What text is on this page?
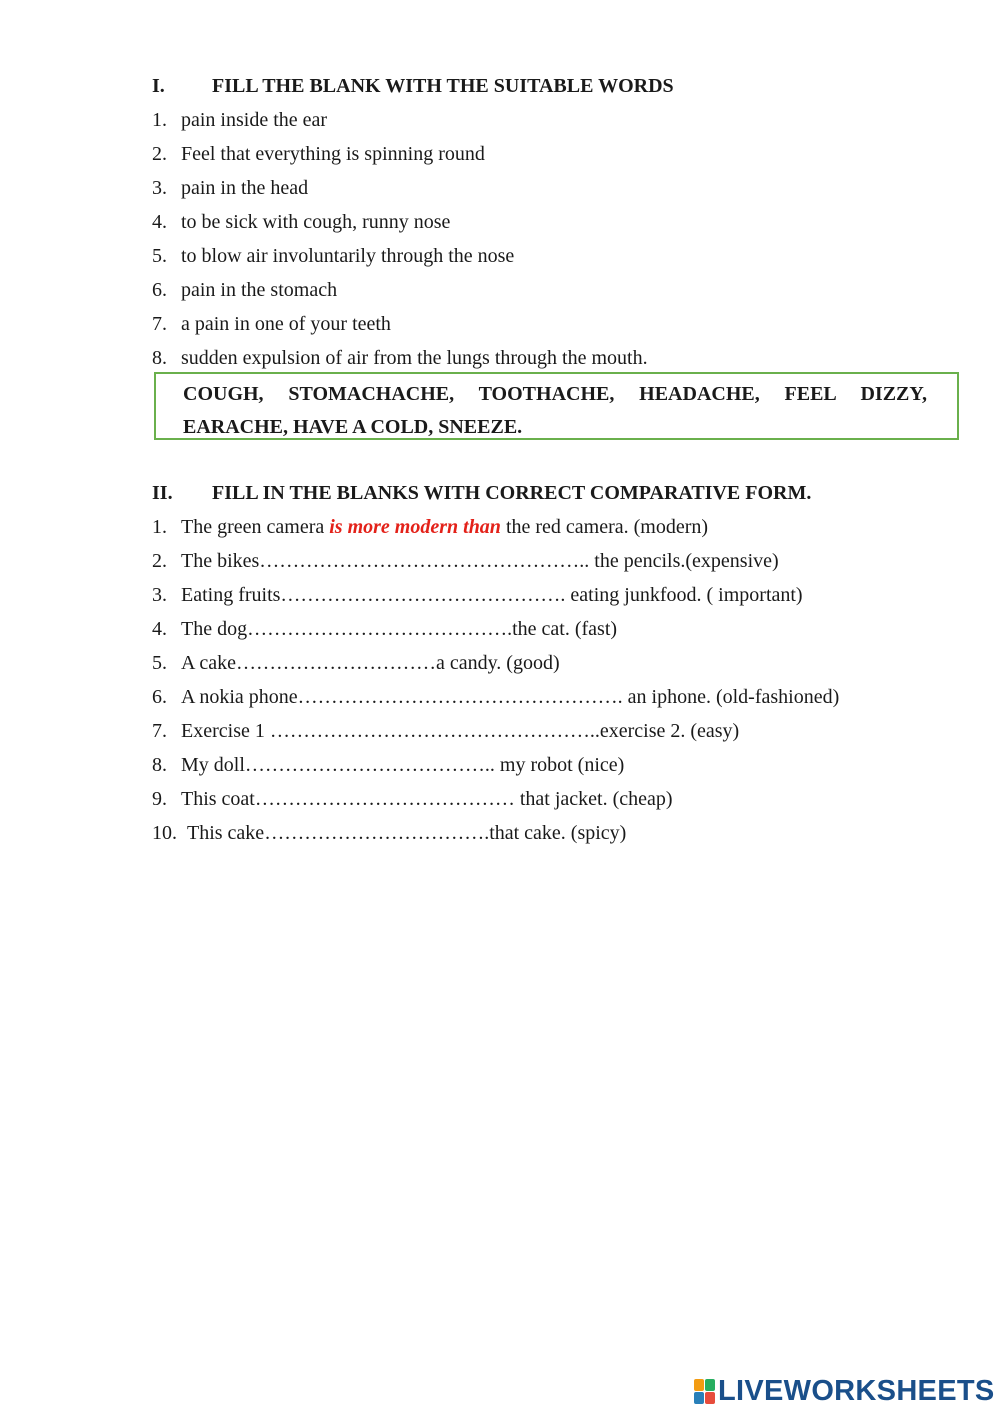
I. FILL THE BLANK WITH THE SUITABLE WORDS
1. pain inside the ear
2. Feel that everything is spinning round
3. pain in the head
4. to be sick with cough, runny nose
5. to blow air involuntarily through the nose
6. pain in the stomach
7. a pain in one of your teeth
8. sudden expulsion of air from the lungs through the mouth.
COUGH, STOMACHACHE, TOOTHACHE, HEADACHE, FEEL DIZZY, EARACHE, HAVE A COLD, SNEEZE.
II. FILL IN THE BLANKS WITH CORRECT COMPARATIVE FORM.
1. The green camera is more modern than the red camera. (modern)
2. The bikes………………………………………….. the pencils.(expensive)
3. Eating fruits……………………………………. eating junkfood. ( important)
4. The dog………………………………….the cat. (fast)
5. A cake…………………………a candy. (good)
6. A nokia phone…………………………………………. an iphone. (old-fashioned)
7. Exercise 1 …………………………………………..exercise 2. (easy)
8. My doll……………………………….. my robot (nice)
9. This coat………………………………… that jacket. (cheap)
10. This cake…………………………….that cake. (spicy)
LIVEWORKSHEETS
